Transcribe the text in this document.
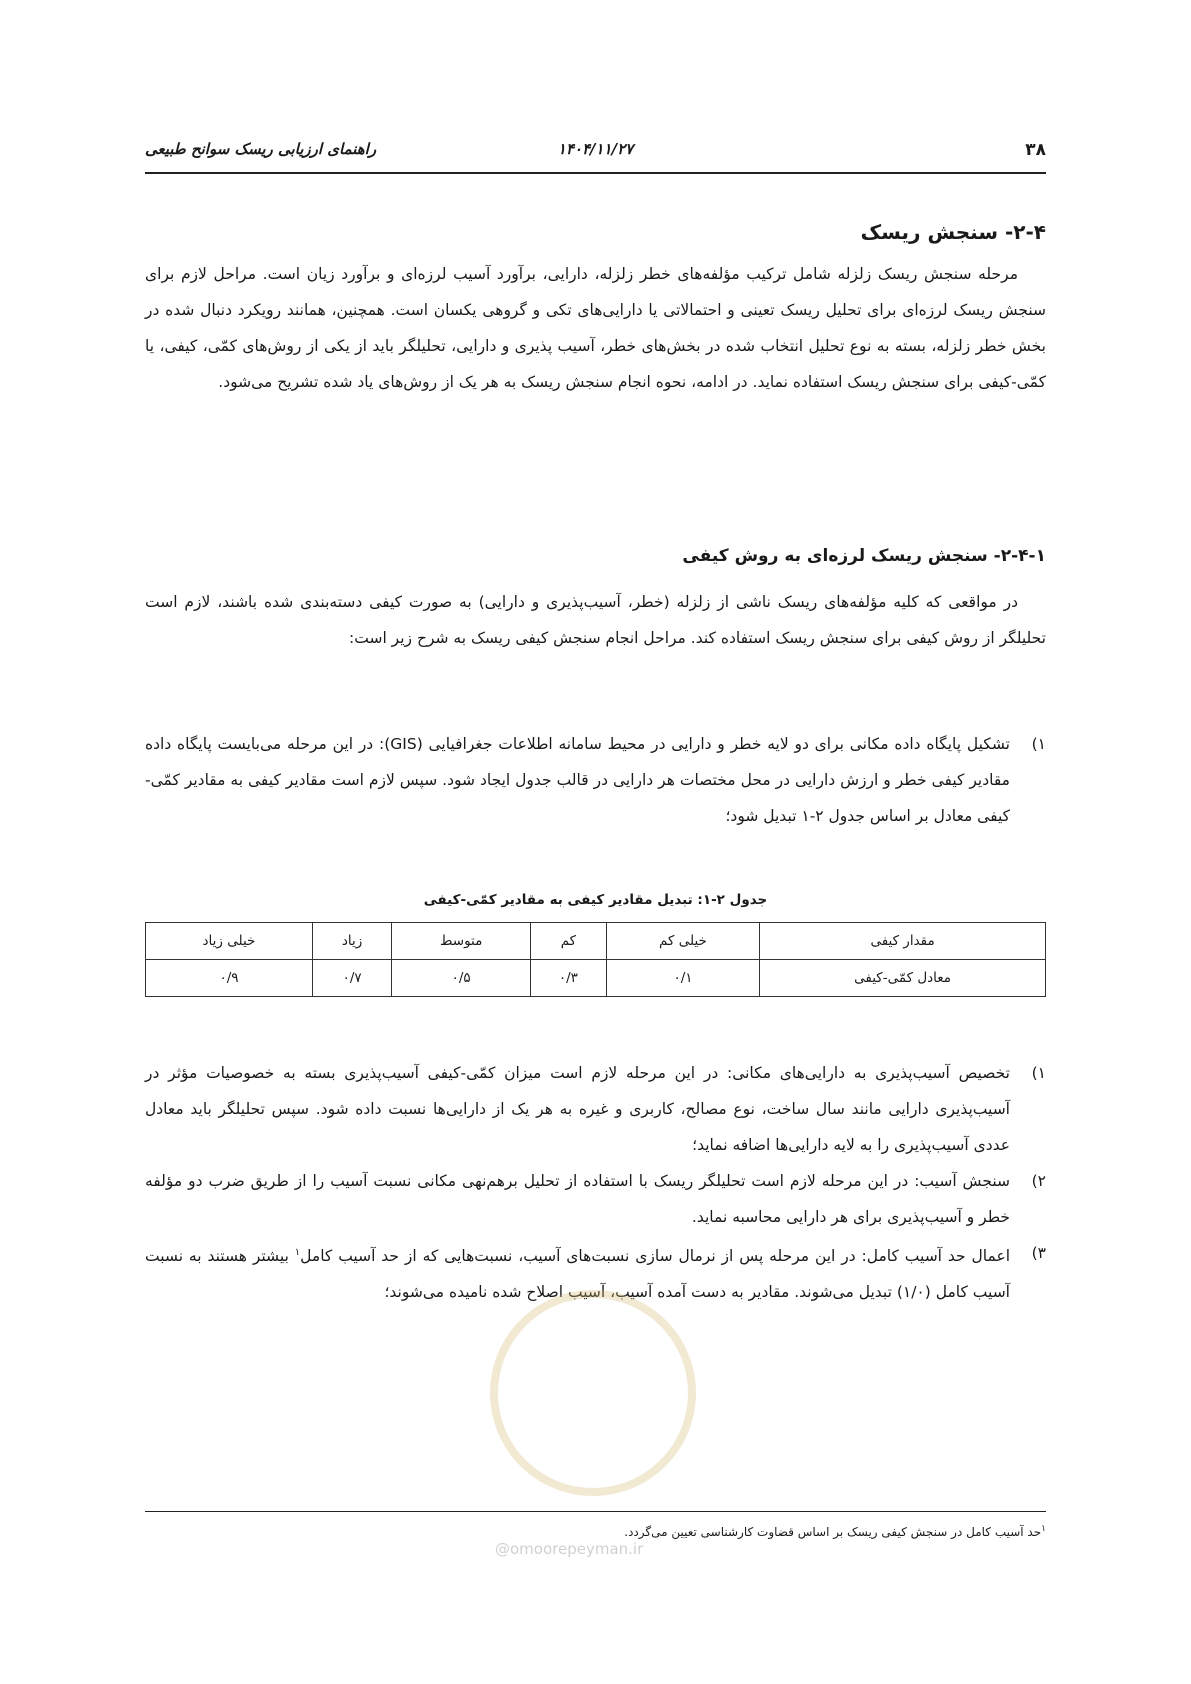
۳۸
۱۴۰۴/۱۱/۲۷
راهنمای ارزیابی ریسک سوانح طبیعی
۲-۴- سنجش ریسک

مرحله سنجش ریسک زلزله شامل ترکیب مؤلفه‌های خطر زلزله، دارایی، برآورد آسیب لرزه‌ای و برآورد زیان است. مراحل لازم برای سنجش ریسک لرزه‌ای برای تحلیل ریسک تعینی و احتمالاتی یا دارایی‌های تکی و گروهی یکسان است. همچنین، همانند رویکرد دنبال شده در بخش خطر زلزله، بسته به نوع تحلیل انتخاب شده در بخش‌های خطر، آسیب پذیری و دارایی، تحلیلگر باید از یکی از روش‌های کمّی، کیفی، یا کمّی-کیفی برای سنجش ریسک استفاده نماید. در ادامه، نحوه انجام سنجش ریسک به هر یک از روش‌های یاد شده تشریح می‌شود.

۲-۴-۱- سنجش ریسک لرزه‌ای به روش کیفی

در مواقعی که کلیه مؤلفه‌های ریسک ناشی از زلزله (خطر، آسیب‌پذیری و دارایی) به صورت کیفی دسته‌بندی شده باشند، لازم است تحلیلگر از روش کیفی برای سنجش ریسک استفاده کند. مراحل انجام سنجش کیفی ریسک به شرح زیر است:

۱)
تشکیل پایگاه داده مکانی برای دو لایه خطر و دارایی در محیط سامانه اطلاعات جغرافیایی (GIS): در این مرحله می‌بایست پایگاه داده مقادیر کیفی خطر و ارزش دارایی در محل مختصات هر دارایی در قالب جدول ایجاد شود. سپس لازم است مقادیر کیفی به مقادیر کمّی-کیفی معادل بر اساس جدول ۲-۱ تبدیل شود؛
جدول ۲-۱: تبدیل مقادیر کیفی به مقادیر کمّی-کیفی
مقدار کیفی	خیلی کم	کم	متوسط	زیاد	خیلی زیاد
معادل کمّی-کیفی	۰/۱	۰/۳	۰/۵	۰/۷	۰/۹
۱)
تخصیص آسیب‌پذیری به دارایی‌های مکانی: در این مرحله لازم است میزان کمّی-کیفی آسیب‌پذیری بسته به خصوصیات مؤثر در آسیب‌پذیری دارایی مانند سال ساخت، نوع مصالح، کاربری و غیره به هر یک از دارایی‌ها نسبت داده شود. سپس تحلیلگر باید معادل عددی آسیب‌پذیری را به لایه دارایی‌ها اضافه نماید؛
۲)
سنجش آسیب: در این مرحله لازم است تحلیلگر ریسک با استفاده از تحلیل برهم‌نهی مکانی نسبت آسیب را از طریق ضرب دو مؤلفه خطر و آسیب‌پذیری برای هر دارایی محاسبه نماید.
۳)
اعمال حد آسیب کامل: در این مرحله پس از نرمال سازی نسبت‌های آسیب، نسبت‌هایی که از حد آسیب کامل$^۱$ بیشتر هستند به نسبت آسیب کامل (۱/۰) تبدیل می‌شوند. مقادیر به دست آمده آسیب، آسیب اصلاح شده نامیده می‌شوند؛
$^۱$حد آسیب کامل در سنجش کیفی ریسک بر اساس قضاوت کارشناسی تعیین می‌گردد.
@omoorepeyman.ir
